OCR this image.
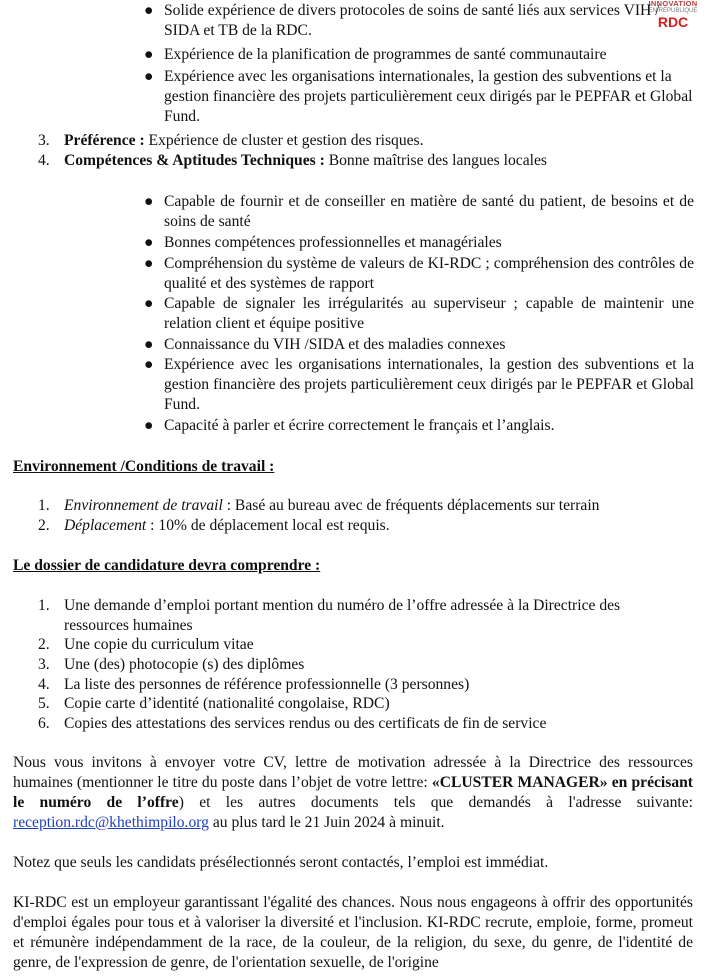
INNOVATION
EN RÉPUBLIQUE
RDC
● Solide expérience de divers protocoles de soins de santé liés aux services VIH / SIDA et TB de la RDC.
● Expérience de la planification de programmes de santé communautaire
● Expérience avec les organisations internationales, la gestion des subventions et la gestion financière des projets particulièrement ceux dirigés par le PEPFAR et Global Fund.
3. Préférence : Expérience de cluster et gestion des risques.
4. Compétences & Aptitudes Techniques : Bonne maîtrise des langues locales
● Capable de fournir et de conseiller en matière de santé du patient, de besoins et de soins de santé
● Bonnes compétences professionnelles et managériales
● Compréhension du système de valeurs de KI-RDC ; compréhension des contrôles de qualité et des systèmes de rapport
● Capable de signaler les irrégularités au superviseur ; capable de maintenir une relation client et équipe positive
● Connaissance du VIH /SIDA et des maladies connexes
● Expérience avec les organisations internationales, la gestion des subventions et la gestion financière des projets particulièrement ceux dirigés par le PEPFAR et Global Fund.
● Capacité à parler et écrire correctement le français et l’anglais.
Environnement /Conditions de travail :
1. Environnement de travail : Basé au bureau avec de fréquents déplacements sur terrain
2. Déplacement : 10% de déplacement local est requis.
Le dossier de candidature devra comprendre :
1. Une demande d’emploi portant mention du numéro de l’offre adressée à la Directrice des ressources humaines
2. Une copie du curriculum vitae
3. Une (des) photocopie (s) des diplômes
4. La liste des personnes de référence professionnelle (3 personnes)
5. Copie carte d’identité (nationalité congolaise, RDC)
6. Copies des attestations des services rendus ou des certificats de fin de service
Nous vous invitons à envoyer votre CV, lettre de motivation adressée à la Directrice des ressources humaines (mentionner le titre du poste dans l’objet de votre lettre: «CLUSTER MANAGER» en précisant le numéro de l’offre) et les autres documents tels que demandés à l'adresse suivante: reception.rdc@khethimpilo.org au plus tard le 21 Juin 2024 à minuit.
Notez que seuls les candidats présélectionnés seront contactés, l’emploi est immédiat.
KI-RDC est un employeur garantissant l'égalité des chances. Nous nous engageons à offrir des opportunités d'emploi égales pour tous et à valoriser la diversité et l'inclusion. KI-RDC recrute, emploie, forme, promeut et rémunère indépendamment de la race, de la couleur, de la religion, du sexe, du genre, de l'identité de genre, de l'expression de genre, de l'orientation sexuelle, de l'origine
